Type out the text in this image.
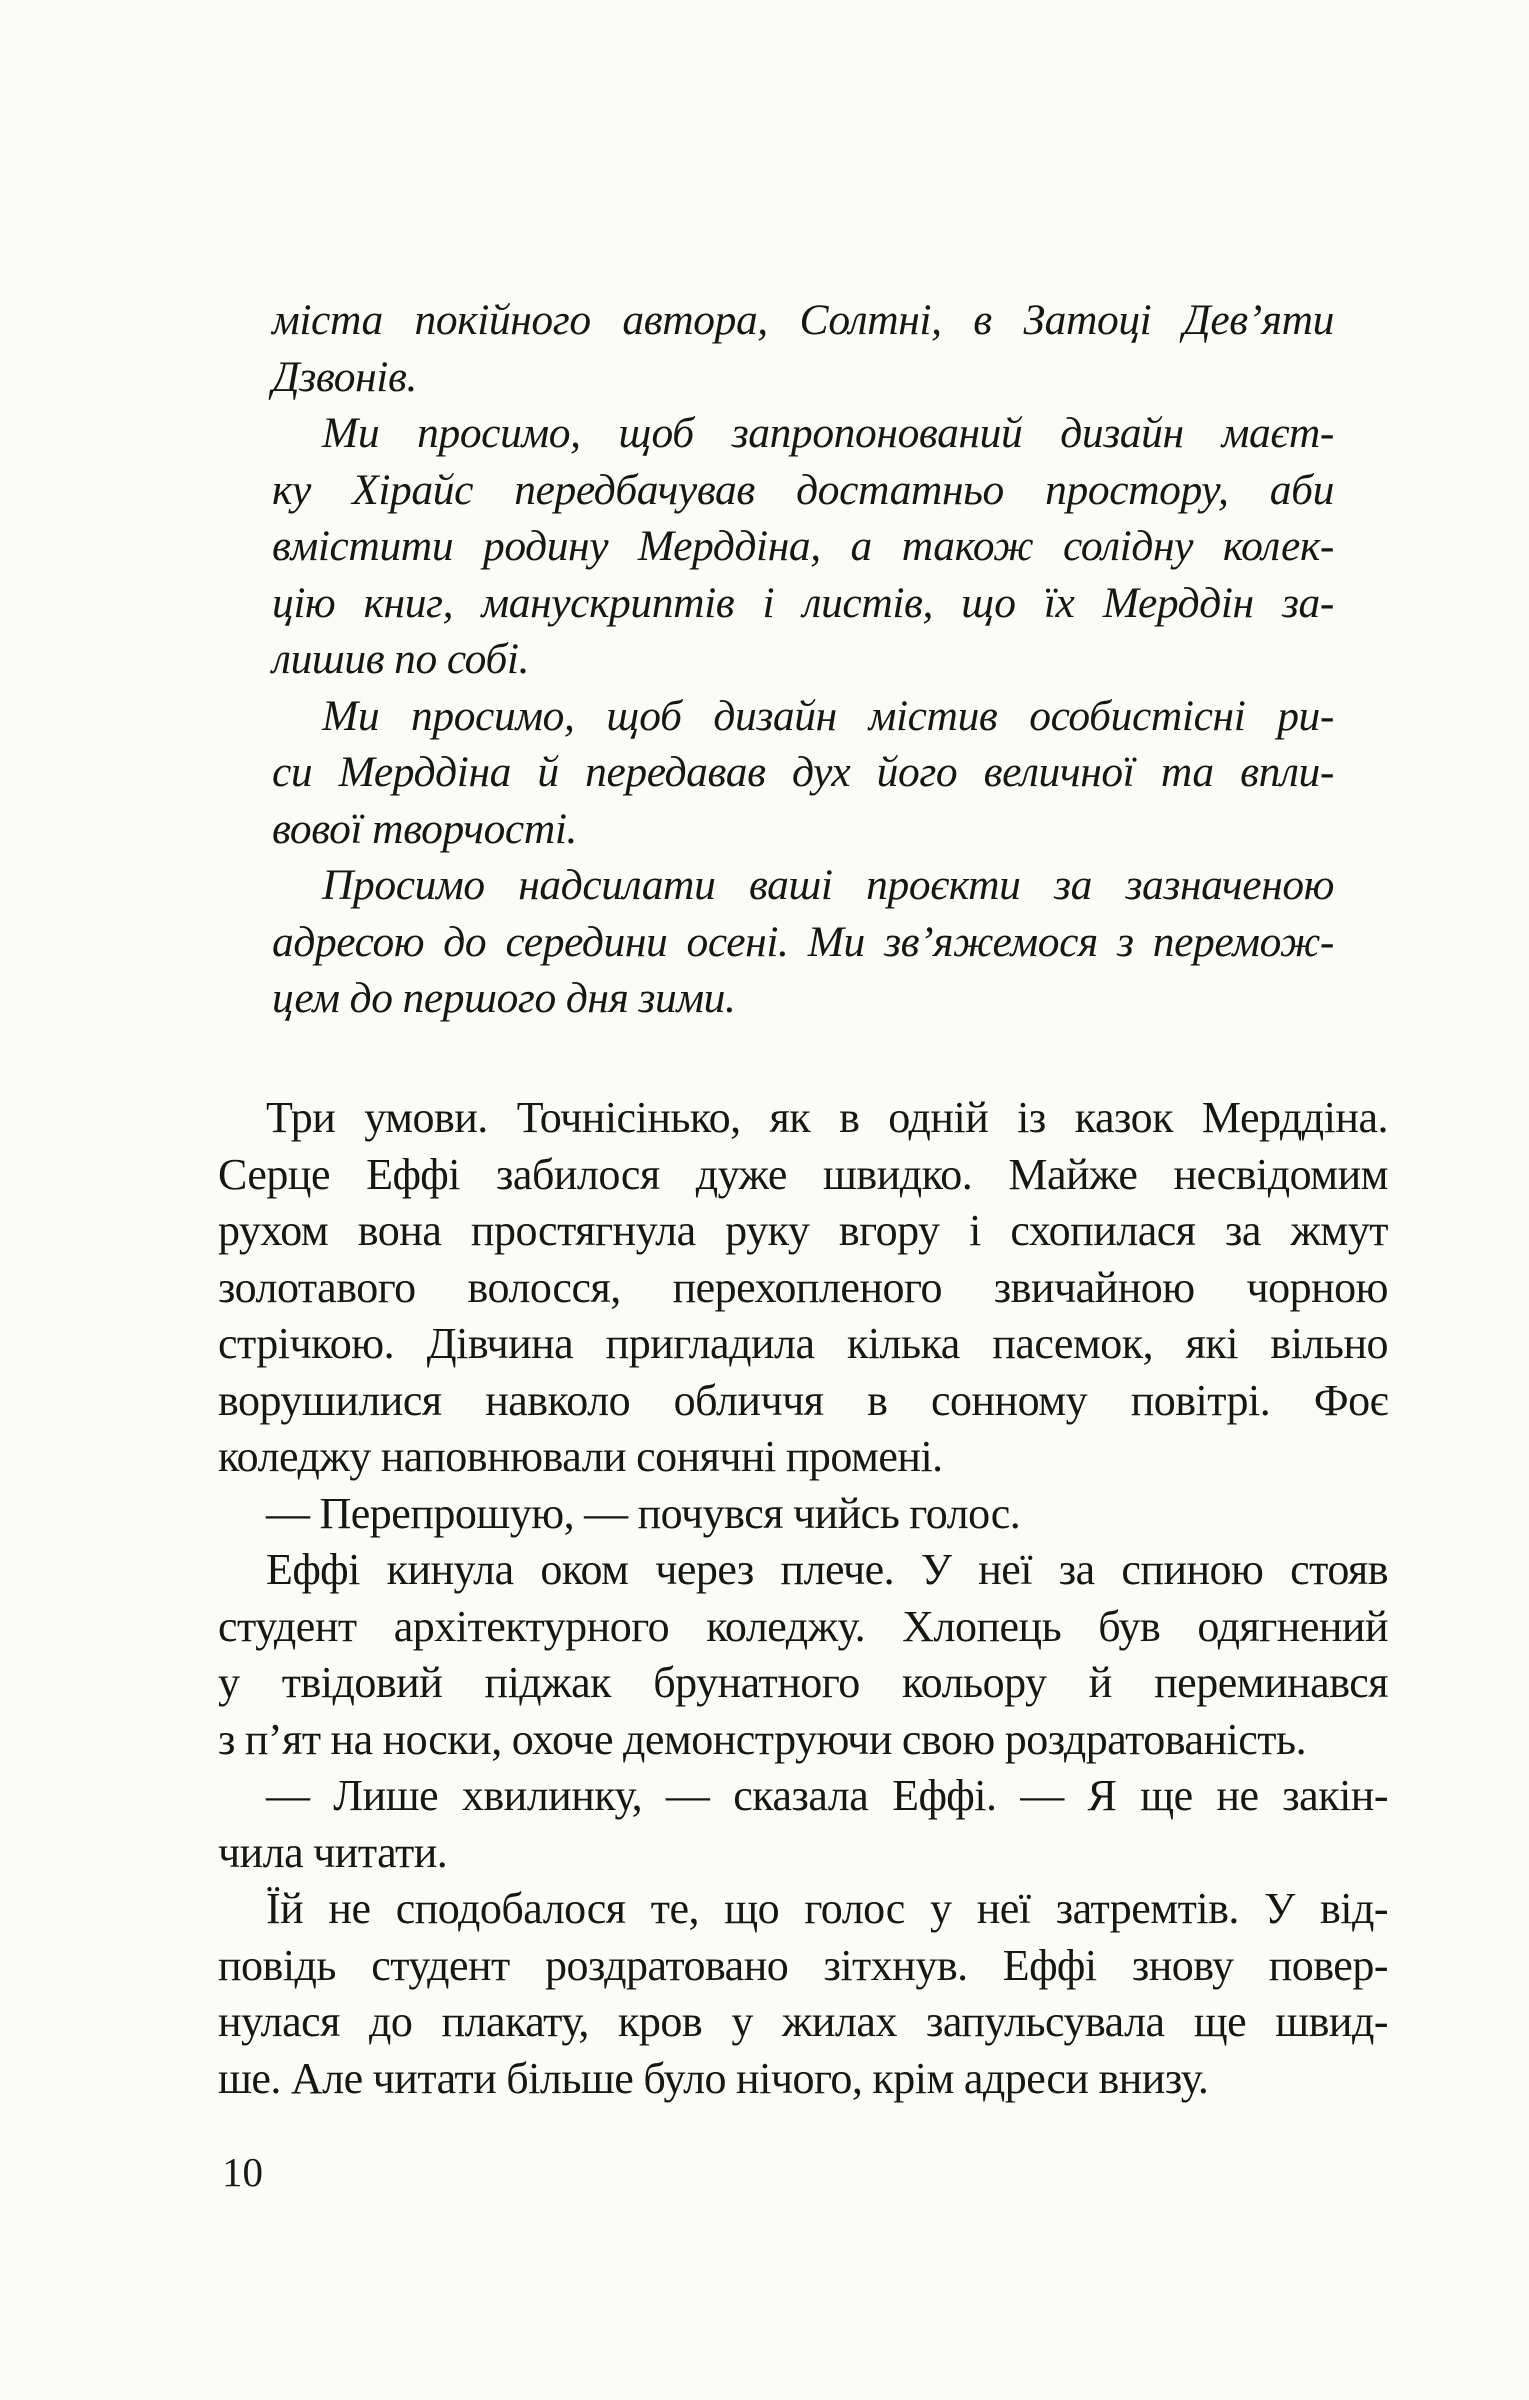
міста покійного автора, Солтні, в Затоці Дев’яти
Дзвонів.
Ми просимо, щоб запропонований дизайн маєт-
ку Хірайс передбачував достатньо простору, аби
вмістити родину Мерддіна, а також солідну колек-
цію книг, манускриптів і листів, що їх Мерддін за-
лишив по собі.
Ми просимо, щоб дизайн містив особистісні ри-
си Мерддіна й передавав дух його величної та впли-
вової творчості.
Просимо надсилати ваші проєкти за зазначеною
адресою до середини осені. Ми зв’яжемося з перемож-
цем до першого дня зими.
Три умови. Точнісінько, як в одній із казок Мерддіна.
Серце Еффі забилося дуже швидко. Майже несвідомим
рухом вона простягнула руку вгору і схопилася за жмут
золотавого волосся, перехопленого звичайною чорною
стрічкою. Дівчина пригладила кілька пасемок, які вільно
ворушилися навколо обличчя в сонному повітрі. Фоє
коледжу наповнювали сонячні промені.
— Перепрошую, — почувся чийсь голос.
Еффі кинула оком через плече. У неї за спиною стояв
студент архітектурного коледжу. Хлопець був одягнений
у твідовий піджак брунатного кольору й переминався
з п’ят на носки, охоче демонструючи свою роздратованість.
— Лише хвилинку, — сказала Еффі. — Я ще не закін-
чила читати.
Їй не сподобалося те, що голос у неї затремтів. У від-
повідь студент роздратовано зітхнув. Еффі знову повер-
нулася до плакату, кров у жилах запульсувала ще швид-
ше. Але читати більше було нічого, крім адреси внизу.
10
